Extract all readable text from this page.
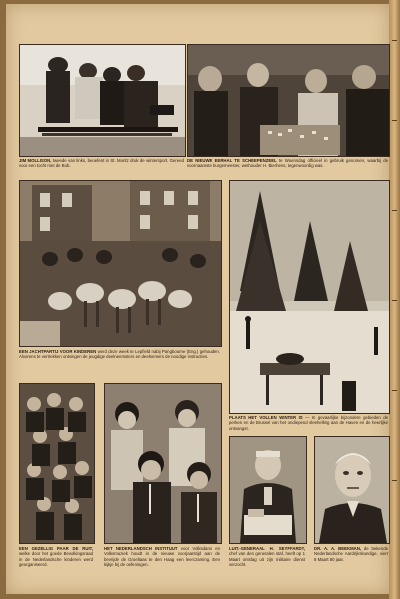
JIM MOLLISON, tweede van links, beoefent in St. Moritz druk de wintersport. Gereed voor een tocht met de Bob.

DE NIEUWE EERHAL TE SCHEEPENZEEL te Woensdag officieel in gebruik genomen, waarbij de voornaamste burgemeester, wethouder H. Bierhens, tegenwoordig was.

EEN JACHTPARTIJ VOOR KINDEREN werd deze week te Lepfield nabij Pangbourne (Eng.) gehouden. Alvorens te vertrekken ontvingen de jeugdige deelneemsters en deelnemers de noodige instructies.

PLAATS HET VOLLEN WINTER IS — In gevaarlijke bijzondere gebieden de perken en de Brussel van het ondiepend sleehelling aan de Haven en de heerlijke ontvangst.

EEN GEZELLIG PAAR DE RUIT, welke door het goede Bevolkingsraad in de Nederlandsche kinderen werd georganiseerd.

HET NEDERLANDSCH INSTITUUT voor Volksdans en Volksmuziek houdt in de nieuwe voorjaarstijd aan de bevrijde de Groeltaas te den Haag een leerczaming. Een kijkje bij de oefeningen.

LUIT.-GENERAAL H. SEYFFARDT, chef van den generalen staf, heeft op 1 Maart ontslag uit zijn militaire dienst verzocht.

DR. A. A. BEEKMAN, de bekende Nederlandsche Aardrijkskundige, viert 8 Maart 80 jaar.
